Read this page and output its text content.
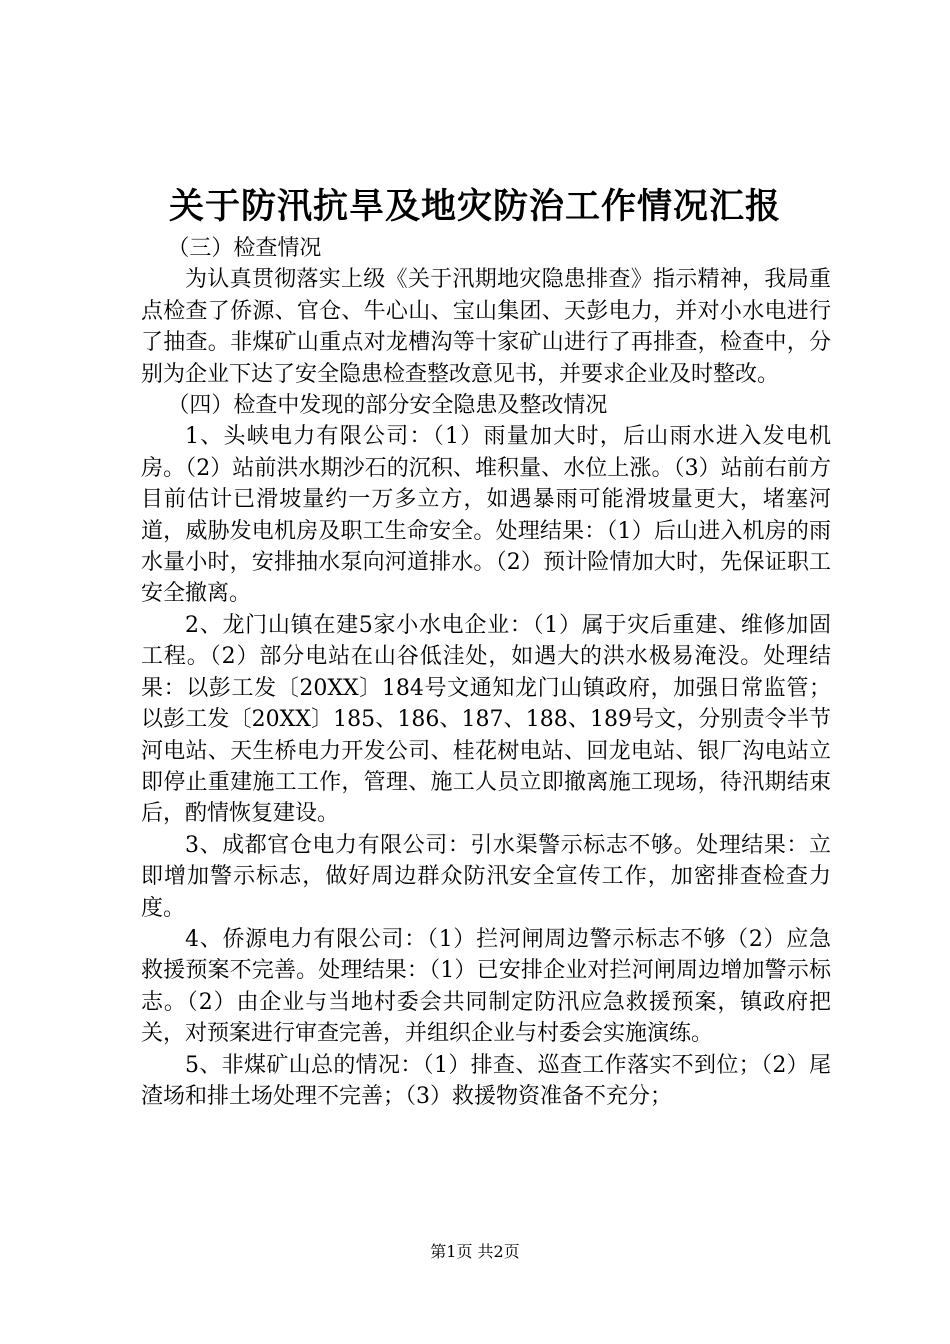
关于防汛抗旱及地灾防治工作情况汇报

（三）检查情况

为认真贯彻落实上级《关于汛期地灾隐患排查》指示精神，我局重点检查了侨源、官仓、牛心山、宝山集团、天彭电力，并对小水电进行了抽查。非煤矿山重点对龙槽沟等十家矿山进行了再排查，检查中，分别为企业下达了安全隐患检查整改意见书，并要求企业及时整改。

（四）检查中发现的部分安全隐患及整改情况

1、头峡电力有限公司：（1）雨量加大时，后山雨水进入发电机房。（2）站前洪水期沙石的沉积、堆积量、水位上涨。（3）站前右前方目前估计已滑坡量约一万多立方，如遇暴雨可能滑坡量更大，堵塞河道，威胁发电机房及职工生命安全。处理结果：（1）后山进入机房的雨水量小时，安排抽水泵向河道排水。（2）预计险情加大时，先保证职工安全撤离。

2、龙门山镇在建5家小水电企业：（1）属于灾后重建、维修加固工程。（2）部分电站在山谷低洼处，如遇大的洪水极易淹没。处理结果：以彭工发〔20XX〕184号文通知龙门山镇政府，加强日常监管；以彭工发〔20XX〕185、186、187、188、189号文，分别责令半节河电站、天生桥电力开发公司、桂花树电站、回龙电站、银厂沟电站立即停止重建施工工作，管理、施工人员立即撤离施工现场，待汛期结束后，酌情恢复建设。

3、成都官仓电力有限公司：引水渠警示标志不够。处理结果：立即增加警示标志，做好周边群众防汛安全宣传工作，加密排查检查力度。

4、侨源电力有限公司：（1）拦河闸周边警示标志不够（2）应急救援预案不完善。处理结果：（1）已安排企业对拦河闸周边增加警示标志。（2）由企业与当地村委会共同制定防汛应急救援预案，镇政府把关，对预案进行审查完善，并组织企业与村委会实施演练。

5、非煤矿山总的情况：（1）排查、巡查工作落实不到位；（2）尾渣场和排土场处理不完善；（3）救援物资准备不充分；

第1页 共2页
